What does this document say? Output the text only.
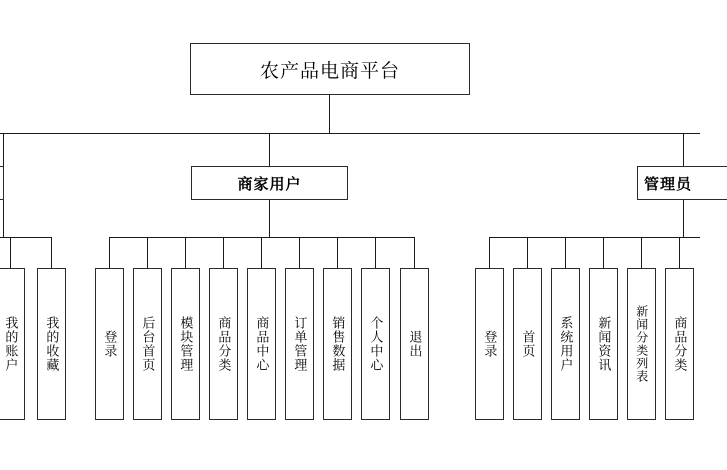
农产品电商平台
商家用户	管理员
我的账户 我的收藏	登录 后台首页 模块管理 商品分类 商品中心 订单管理 销售数据 个人中心 退出	登录 首页 系统用户 新闻资讯 新闻分类列表 商品分类
